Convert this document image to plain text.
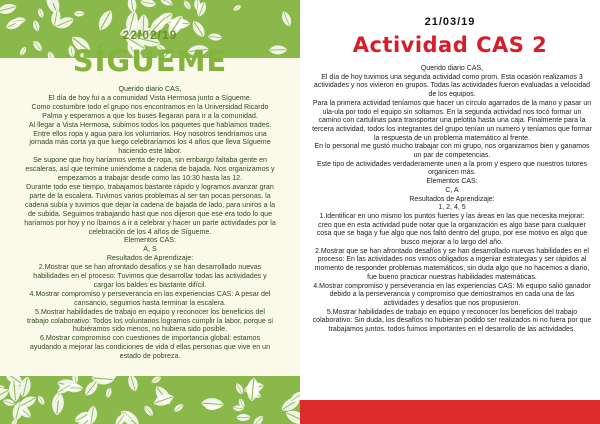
22/02/19
SÍGUEME

Querido diario CAS,

El día de hoy fui a a comunidad Vista Hermosa junto a Sígueme.

Como costumbre todo el grupo nos encontramos en la Universidad Ricardo Palma y esperamos a que los buses llegaran para ir a la comunidad.

Al llegar a Vista Hermosa, subimos todos los paquetes que habíamos trades. Entre ellos ropa y agua para los voluntarios. Hoy nosotros tendríamos una jornada más corta ya que luego celebraríamos los 4 años que lleva Sígueme haciendo este labor.

Se supone que hoy haríamos venta de ropa, sin embargo faltaba gente en escaleras, así que termine uniéndome a cadena de bajada. Nos organizamos y empezamos a trabajar desde como las 10:30 hasta las 12.

Durante todo ese tiempo, trabajamos bastante rápido y logramos avanzar gran parte de la escalera. Tuvimos varios problemas al ser tan pocas personas. la cadena subía y tuvimos que dejar la cadena de bajada de lado, para uniros a la de subida. Seguimos trabajando hast que nos dijeron que ese era todo lo que haríamos por hoy y no íbamos a ir a celebrar y hacer un parte actividades por la celebración de los 4 años de Sígueme.

Elementos CAS:

A, S

Resultados de Aprendizaje:

2.Mostrar que se han afrontado desafíos y se han desarrollado nuevas habilidades en el proceso: Tuvimos que desarrollar todas las actividades y cargar los baldes es bastante difícil.

4.Mostrar compromiso y perseverancia en las experiencias CAS: A pesar del cansancio, seguimos hasta terminar la escalera.

5.Mostrar habilidades de trabajo en equipo y reconocer los beneficios del trabajo colaborativo: Todos los voluntarios logramos cumplir la labor, porque si hubiéramos sido menos, no hubiera sido posible.

6.Mostrar compromiso con cuestiones de importancia global: estamos ayudando a mejorar las condiciones de vida d ellas personas que vive en un estado de pobreza.

21/03/19
Actividad CAS 2

Querido diario CAS,

El día de hoy tuvimos una segunda actividad como prom. Esta ocasión realizamos 3 actividades y nos vivieron en grupos. Todas las actividades fueron evaluadas a velocidad de los equipos.

Para la primera actividad teníamos que hacer un círculo agarrados de la mano y pasar un ula-ula por todo el equipo sin soltarnos. En la segunda actividad nos tocó formar un camino con cartulinas para transportar una pelotita hasta una caja. Finalmente para la tercera actividad, todos los integrantes del grupo tenían un numero y teníamos que formar la respuesta de un problema matemático al frente.

En lo personal me gustó mucho trabajar con mi grupo, nos organizamos bien y ganamos un par de competencias.

Este tipo de actividades verdaderamente unen a la prom y espero que nuestros tutores organicen más.

Elementos CAS:

C, A

Resultados de Aprendizaje:

1, 2, 4, 5

1.Identificar en uno mismo los puntos fuertes y las áreas en las que necesita mejorar: creo que en esta actividad pude notar que la organización es algo base para cualquier cosa que se haga y fue algo que nos faltó dentro del grupo, por ese motivo es algo que busco mejorar a lo largo del año.

2.Mostrar que se han afrontado desafíos y se han desarrollado nuevas habilidades en el proceso: En las actividades nos vimos obligados a ingeniar estrategias y ser rápidos al momento de responder problemas matemáticos, sin duda algo que no hacemos a diario, fue bueno practicar nuestras habilidades matemáticas.

4.Mostrar compromiso y perseverancia en las experiencias CAS: Mi equipo salió ganador debido a la perseverancia y compromiso que demostramos en cada una de las actividades y desafíos que nos propusieron.

5.Mostrar habilidades de trabajo en equipo y reconocer los beneficios del trabajo colaborativo: Sin duda, los desafíos no hubieran podido ser realizados ni no fuera por que trabajamos juntos. todos fuimos importantes en el desarrollo de las actividades.
